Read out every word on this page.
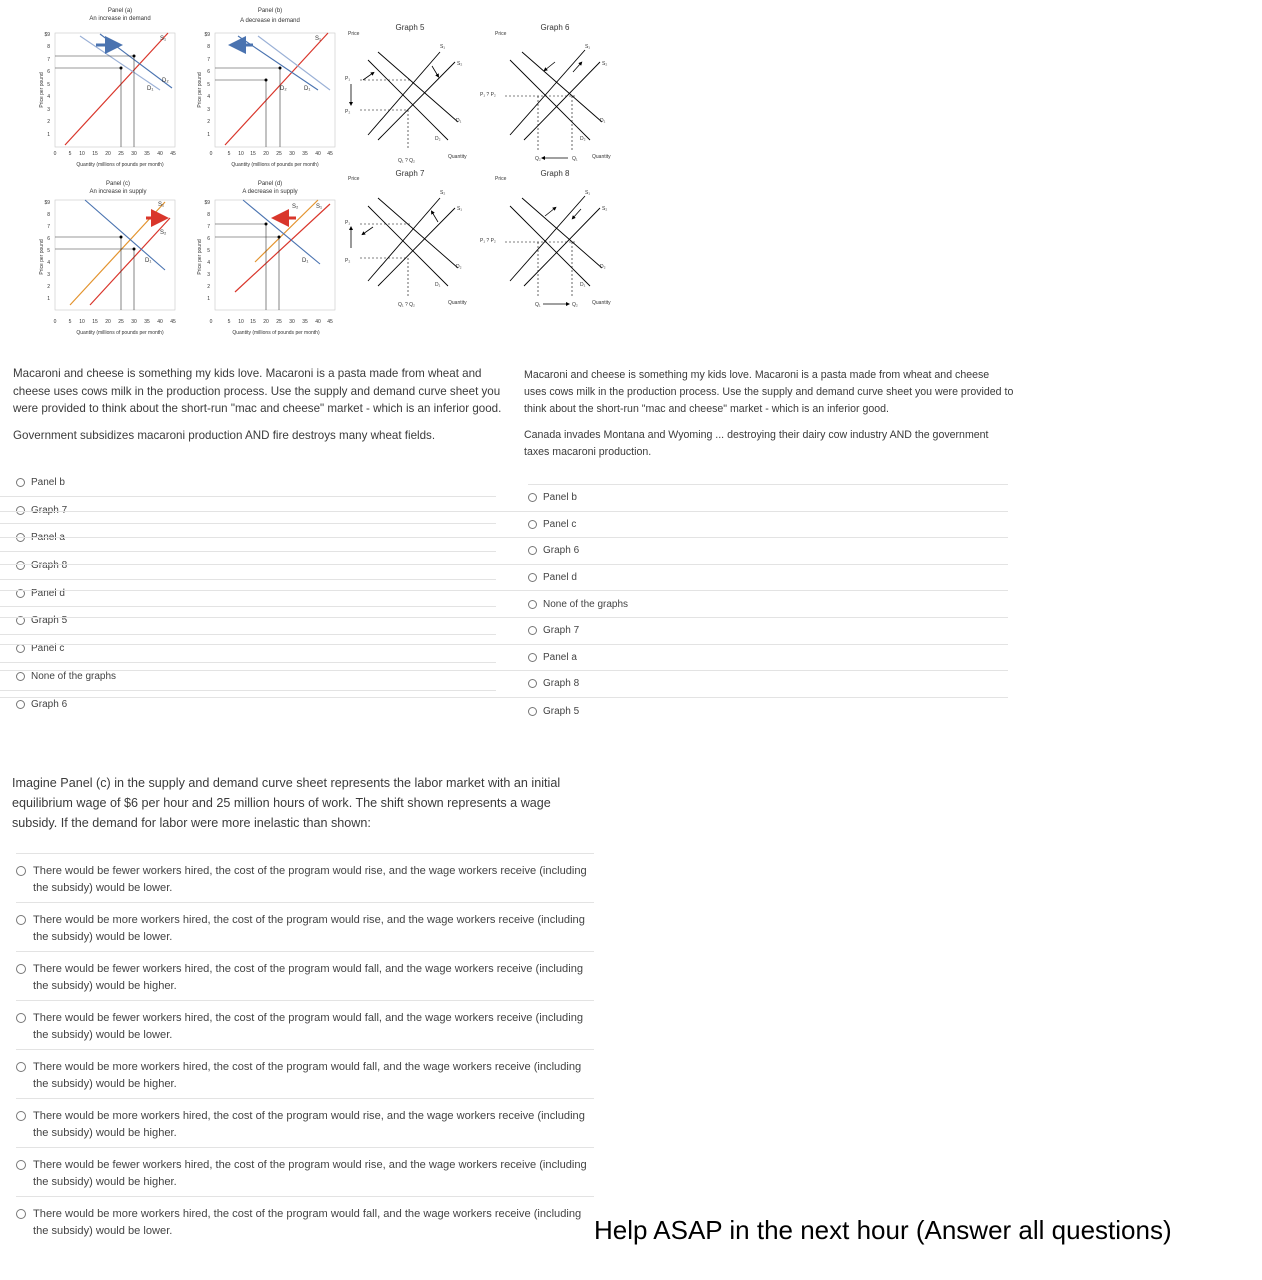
Panel (a)
An increase in demand
$9
8
7
6
5
4
3
2
1
0 5 10 15 20 25 30 35 40 45
Quantity (millions of pounds per month)
Price per pound
S₁
D₂
D₁
Panel (b)
A decrease in demand
$9
8
7
6
5
4
3
2
1
0	5 10 15 20 25 30 35 40 45
Quantity (millions of pounds per month)
Price per pound
S₁
D₂	D₁
Panel (c)
An increase in supply
$9
8
7
6
5
4
3
2
1
0 5 10 15 20 25 30 35 40 45
Quantity (millions of pounds per month)
Price per pound
S₁
S₂
D₁
Panel (d)
A decrease in supply
$9
8
7
6
5
4
3
2
1
0	5 10 15 20 25 30 35 40 45
Quantity (millions of pounds per month)
Price per pound
S₂	S₁
D₁
Graph 5
Price
Quantity
P₁
P₂
Q₁ ? Q₂
S₁
S₂
D₁
D₂
Graph 6
Price
Quantity
P₁ ? P₂
Q₂	Q₁
S₁
S₂
D₁
D₂
Graph 7
Price
Quantity
P₁
P₂
Q₁ ? Q₂
S₂
S₁
D₂
D₁
Graph 8
Price
Quantity
P₁ ? P₂
Q₁	Q₂
S₁
S₂
D₂
D₁

Macaroni and cheese is something my kids love. Macaroni is a pasta made from wheat and cheese uses cows milk in the production process. Use the supply and demand curve sheet you were provided to think about the short-run "mac and cheese" market - which is an inferior good.

Government subsidizes macaroni production AND fire destroys many wheat fields.

Panel b
Graph 7
Panel a
Graph 8
Panel d
Graph 5
Panel c
None of the graphs
Graph 6

Macaroni and cheese is something my kids love. Macaroni is a pasta made from wheat and cheese uses cows milk in the production process. Use the supply and demand curve sheet you were provided to think about the short-run "mac and cheese" market - which is an inferior good.

Canada invades Montana and Wyoming ... destroying their dairy cow industry AND the government taxes macaroni production.

Panel b
Panel c
Graph 6
Panel d
None of the graphs
Graph 7
Panel a
Graph 8
Graph 5
Imagine Panel (c) in the supply and demand curve sheet represents the labor market with an initial equilibrium wage of $6 per hour and 25 million hours of work. The shift shown represents a wage subsidy. If the demand for labor were more inelastic than shown:
There would be fewer workers hired, the cost of the program would rise, and the wage workers receive (including the subsidy) would be lower.
There would be more workers hired, the cost of the program would rise, and the wage workers receive (including the subsidy) would be lower.
There would be fewer workers hired, the cost of the program would fall, and the wage workers receive (including the subsidy) would be higher.
There would be fewer workers hired, the cost of the program would fall, and the wage workers receive (including the subsidy) would be lower.
There would be more workers hired, the cost of the program would fall, and the wage workers receive (including the subsidy) would be higher.
There would be more workers hired, the cost of the program would rise, and the wage workers receive (including the subsidy) would be higher.
There would be fewer workers hired, the cost of the program would rise, and the wage workers receive (including the subsidy) would be higher.
There would be more workers hired, the cost of the program would fall, and the wage workers receive (including the subsidy) would be lower.	Help ASAP in the next hour (Answer all questions)
